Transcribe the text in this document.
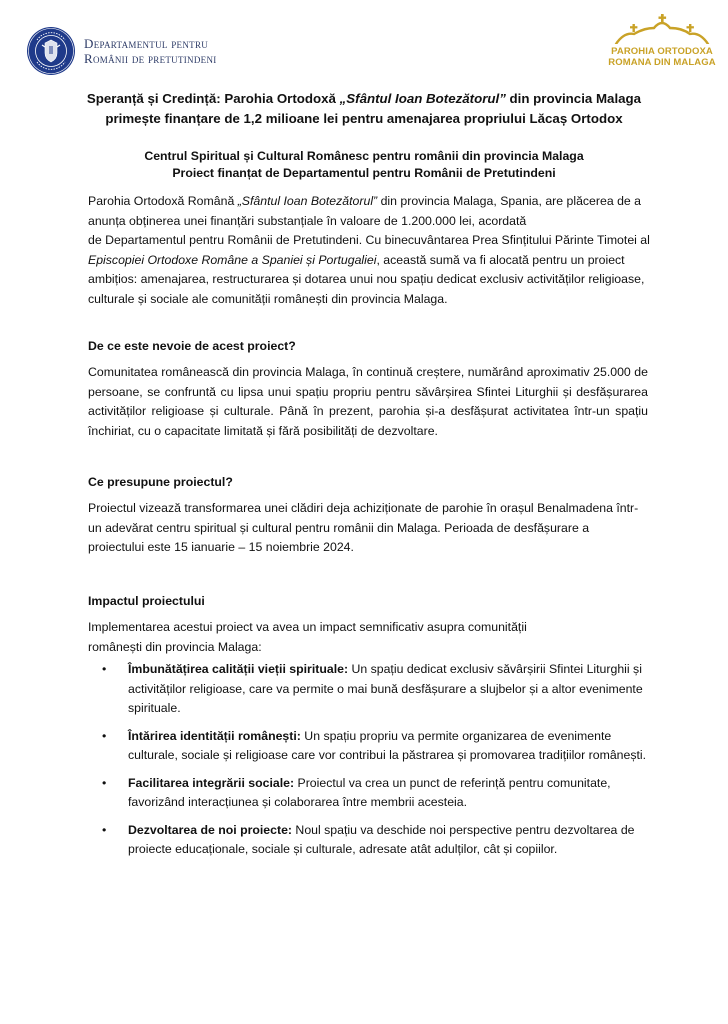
Departamentul pentru
Românii de pretutindeni	PAROHIA ORTODOXA
ROMANA DIN MALAGA
Speranță și Credință: Parohia Ortodoxă „Sfântul Ioan Botezătorul” din provincia Malaga primește finanțare de 1,2 milioane lei pentru amenajarea propriului Lăcaș Ortodox
Centrul Spiritual și Cultural Românesc pentru românii din provincia Malaga
Proiect finanțat de Departamentul pentru Românii de Pretutindeni
Parohia Ortodoxă Română „Sfântul Ioan Botezătorul” din provincia Malaga, Spania, are plăcerea de a anunța obținerea unei finanțări substanțiale în valoare de 1.200.000 lei, acordată
de Departamentul pentru Românii de Pretutindeni. Cu binecuvântarea Prea Sfințitului Părinte Timotei al Episcopiei Ortodoxe Române a Spaniei și Portugaliei, această sumă va fi alocată pentru un proiect ambițios: amenajarea, restructurarea și dotarea unui nou spațiu dedicat exclusiv activităților religioase, culturale și sociale ale comunității românești din provincia Malaga.
De ce este nevoie de acest proiect?
Comunitatea românească din provincia Malaga, în continuă creștere, numărând aproximativ 25.000 de persoane, se confruntă cu lipsa unui spațiu propriu pentru săvârșirea Sfintei Liturghii și desfășurarea activităților religioase și culturale. Până în prezent, parohia și-a desfășurat activitatea într-un spațiu închiriat, cu o capacitate limitată și fără posibilități de dezvoltare.
Ce presupune proiectul?
Proiectul vizează transformarea unei clădiri deja achiziționate de parohie în orașul Benalmadena într-
un adevărat centru spiritual și cultural pentru românii din Malaga. Perioada de desfășurare a
proiectului este 15 ianuarie – 15 noiembrie 2024.
Impactul proiectului
Implementarea acestui proiect va avea un impact semnificativ asupra comunității românești din provincia Malaga:
• Îmbunătățirea calității vieții spirituale: Un spațiu dedicat exclusiv săvârșirii Sfintei Liturghii și activităților religioase, care va permite o mai bună desfășurare a slujbelor și a altor evenimente spirituale.
• Întărirea identității românești: Un spațiu propriu va permite organizarea de evenimente culturale, sociale și religioase care vor contribui la păstrarea și promovarea tradițiilor românești.
• Facilitarea integrării sociale: Proiectul va crea un punct de referință pentru comunitate, favorizând interacțiunea și colaborarea între membrii acesteia.
• Dezvoltarea de noi proiecte: Noul spațiu va deschide noi perspective pentru dezvoltarea de proiecte educaționale, sociale și culturale, adresate atât adulților, cât și copiilor.
